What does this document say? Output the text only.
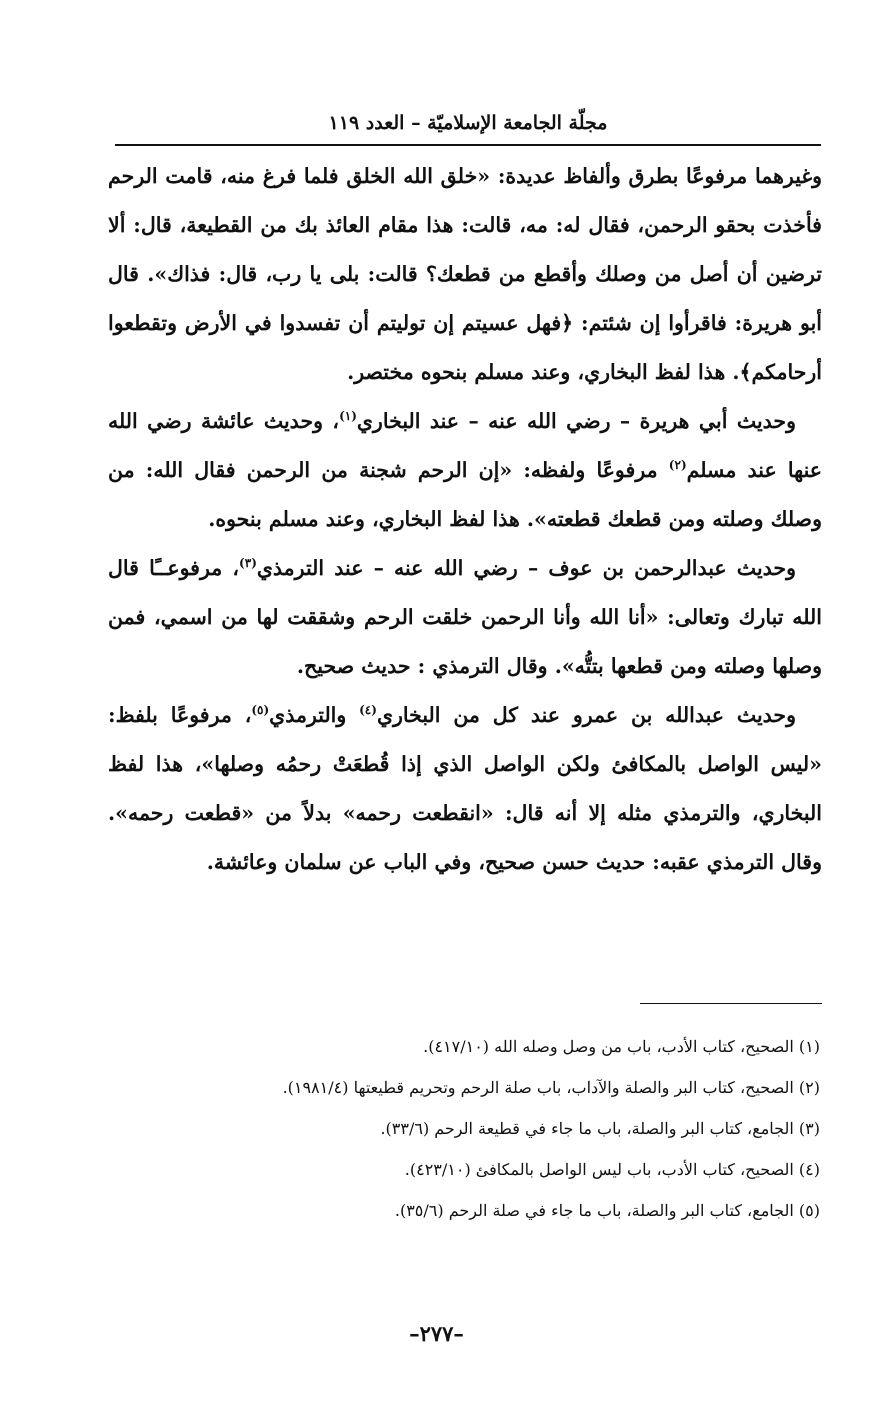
مجلّة الجامعة الإسلاميّة – العدد ١١٩

وغيرهما مرفوعًا بطرق وألفاظ عديدة: «خلق الله الخلق فلما فرغ منه، قامت الرحم فأخذت بحقو الرحمن، فقال له: مه، قالت: هذا مقام العائذ بك من القطيعة، قال: ألا ترضين أن أصل من وصلك وأقطع من قطعك؟ قالت: بلى يا رب، قال: فذاك». قال أبو هريرة: فاقرأوا إن شئتم: ﴿فهل عسيتم إن توليتم أن تفسدوا في الأرض وتقطعوا أرحامكم﴾. هذا لفظ البخاري، وعند مسلم بنحوه مختصر.

وحديث أبي هريرة – رضي الله عنه – عند البخاري$^{(١)}$، وحديث عائشة رضي الله عنها عند مسلم$^{(٢)}$ مرفوعًا ولفظه: «إن الرحم شجنة من الرحمن فقال الله: من وصلك وصلته ومن قطعك قطعته». هذا لفظ البخاري، وعند مسلم بنحوه.

وحديث عبدالرحمن بن عوف – رضي الله عنه – عند الترمذي$^{(٣)}$، مرفوعــًا قال الله تبارك وتعالى: «أنا الله وأنا الرحمن خلقت الرحم وشققت لها من اسمي، فمن وصلها وصلته ومن قطعها بتتُّه». وقال الترمذي : حديث صحيح.

وحديث عبدالله بن عمرو عند كل من البخاري$^{(٤)}$ والترمذي$^{(٥)}$، مرفوعًا بلفظ: «ليس الواصل بالمكافئ ولكن الواصل الذي إذا قُطعَتْ رحمُه وصلها»، هذا لفظ البخاري، والترمذي مثله إلا أنه قال: «انقطعت رحمه» بدلاً من «قطعت رحمه». وقال الترمذي عقبه: حديث حسن صحيح، وفي الباب عن سلمان وعائشة.

(١) الصحيح، كتاب الأدب، باب من وصل وصله الله (٤١٧/١٠).

(٢) الصحيح، كتاب البر والصلة والآداب، باب صلة الرحم وتحريم قطيعتها (١٩٨١/٤).

(٣) الجامع، كتاب البر والصلة، باب ما جاء في قطيعة الرحم (٣٣/٦).

(٤) الصحيح، كتاب الأدب، باب ليس الواصل بالمكافئ (٤٢٣/١٠).

(٥) الجامع، كتاب البر والصلة، باب ما جاء في صلة الرحم (٣٥/٦).

–٢٧٧–
